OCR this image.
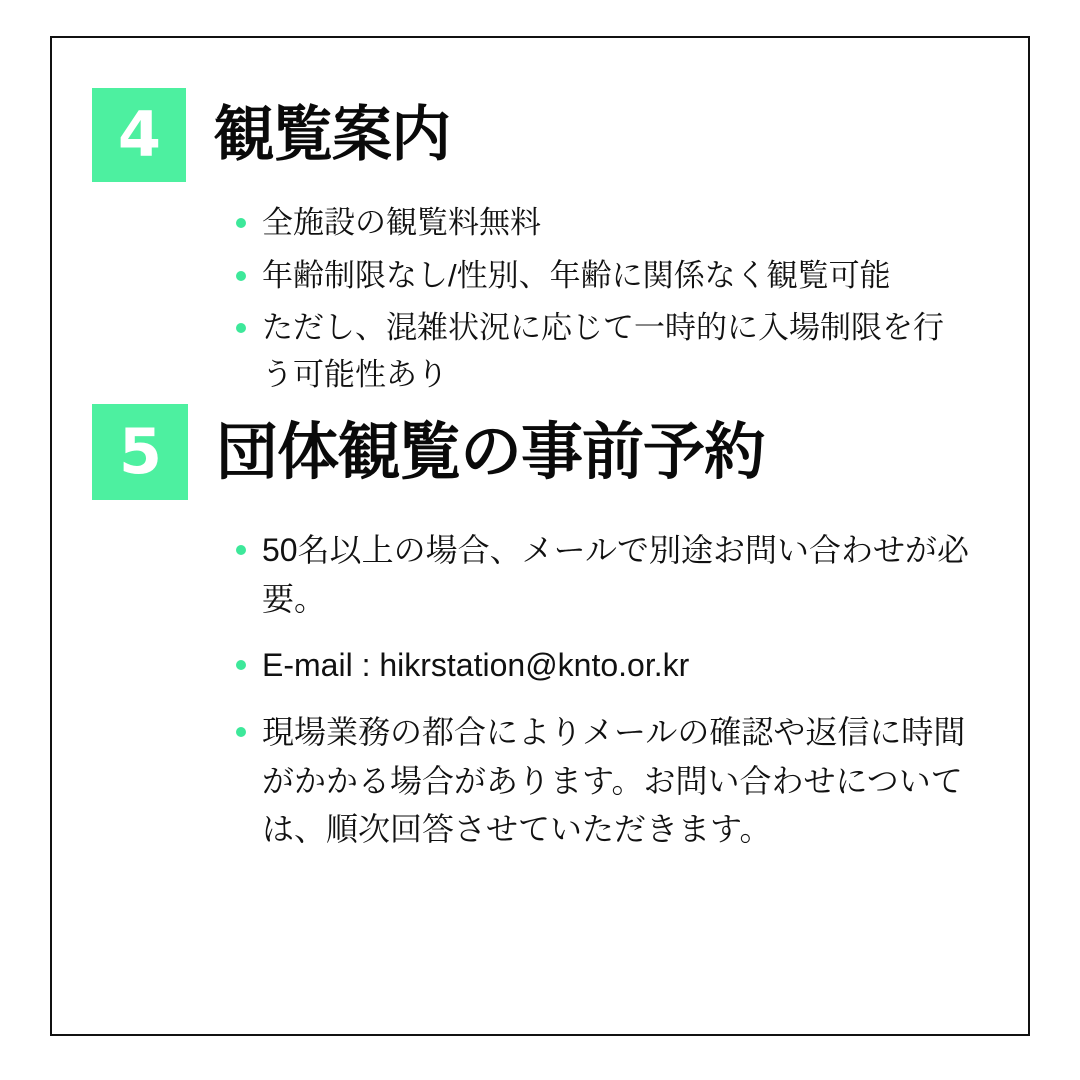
4 観覧案内
全施設の観覧料無料
年齢制限なし/性別、年齢に関係なく観覧可能
ただし、混雑状況に応じて一時的に入場制限を行う可能性あり
5 団体観覧の事前予約
50名以上の場合、メールで別途お問い合わせが必要。
E-mail : hikrstation@knto.or.kr
現場業務の都合によりメールの確認や返信に時間がかかる場合があります。お問い合わせについては、順次回答させていただきます。
